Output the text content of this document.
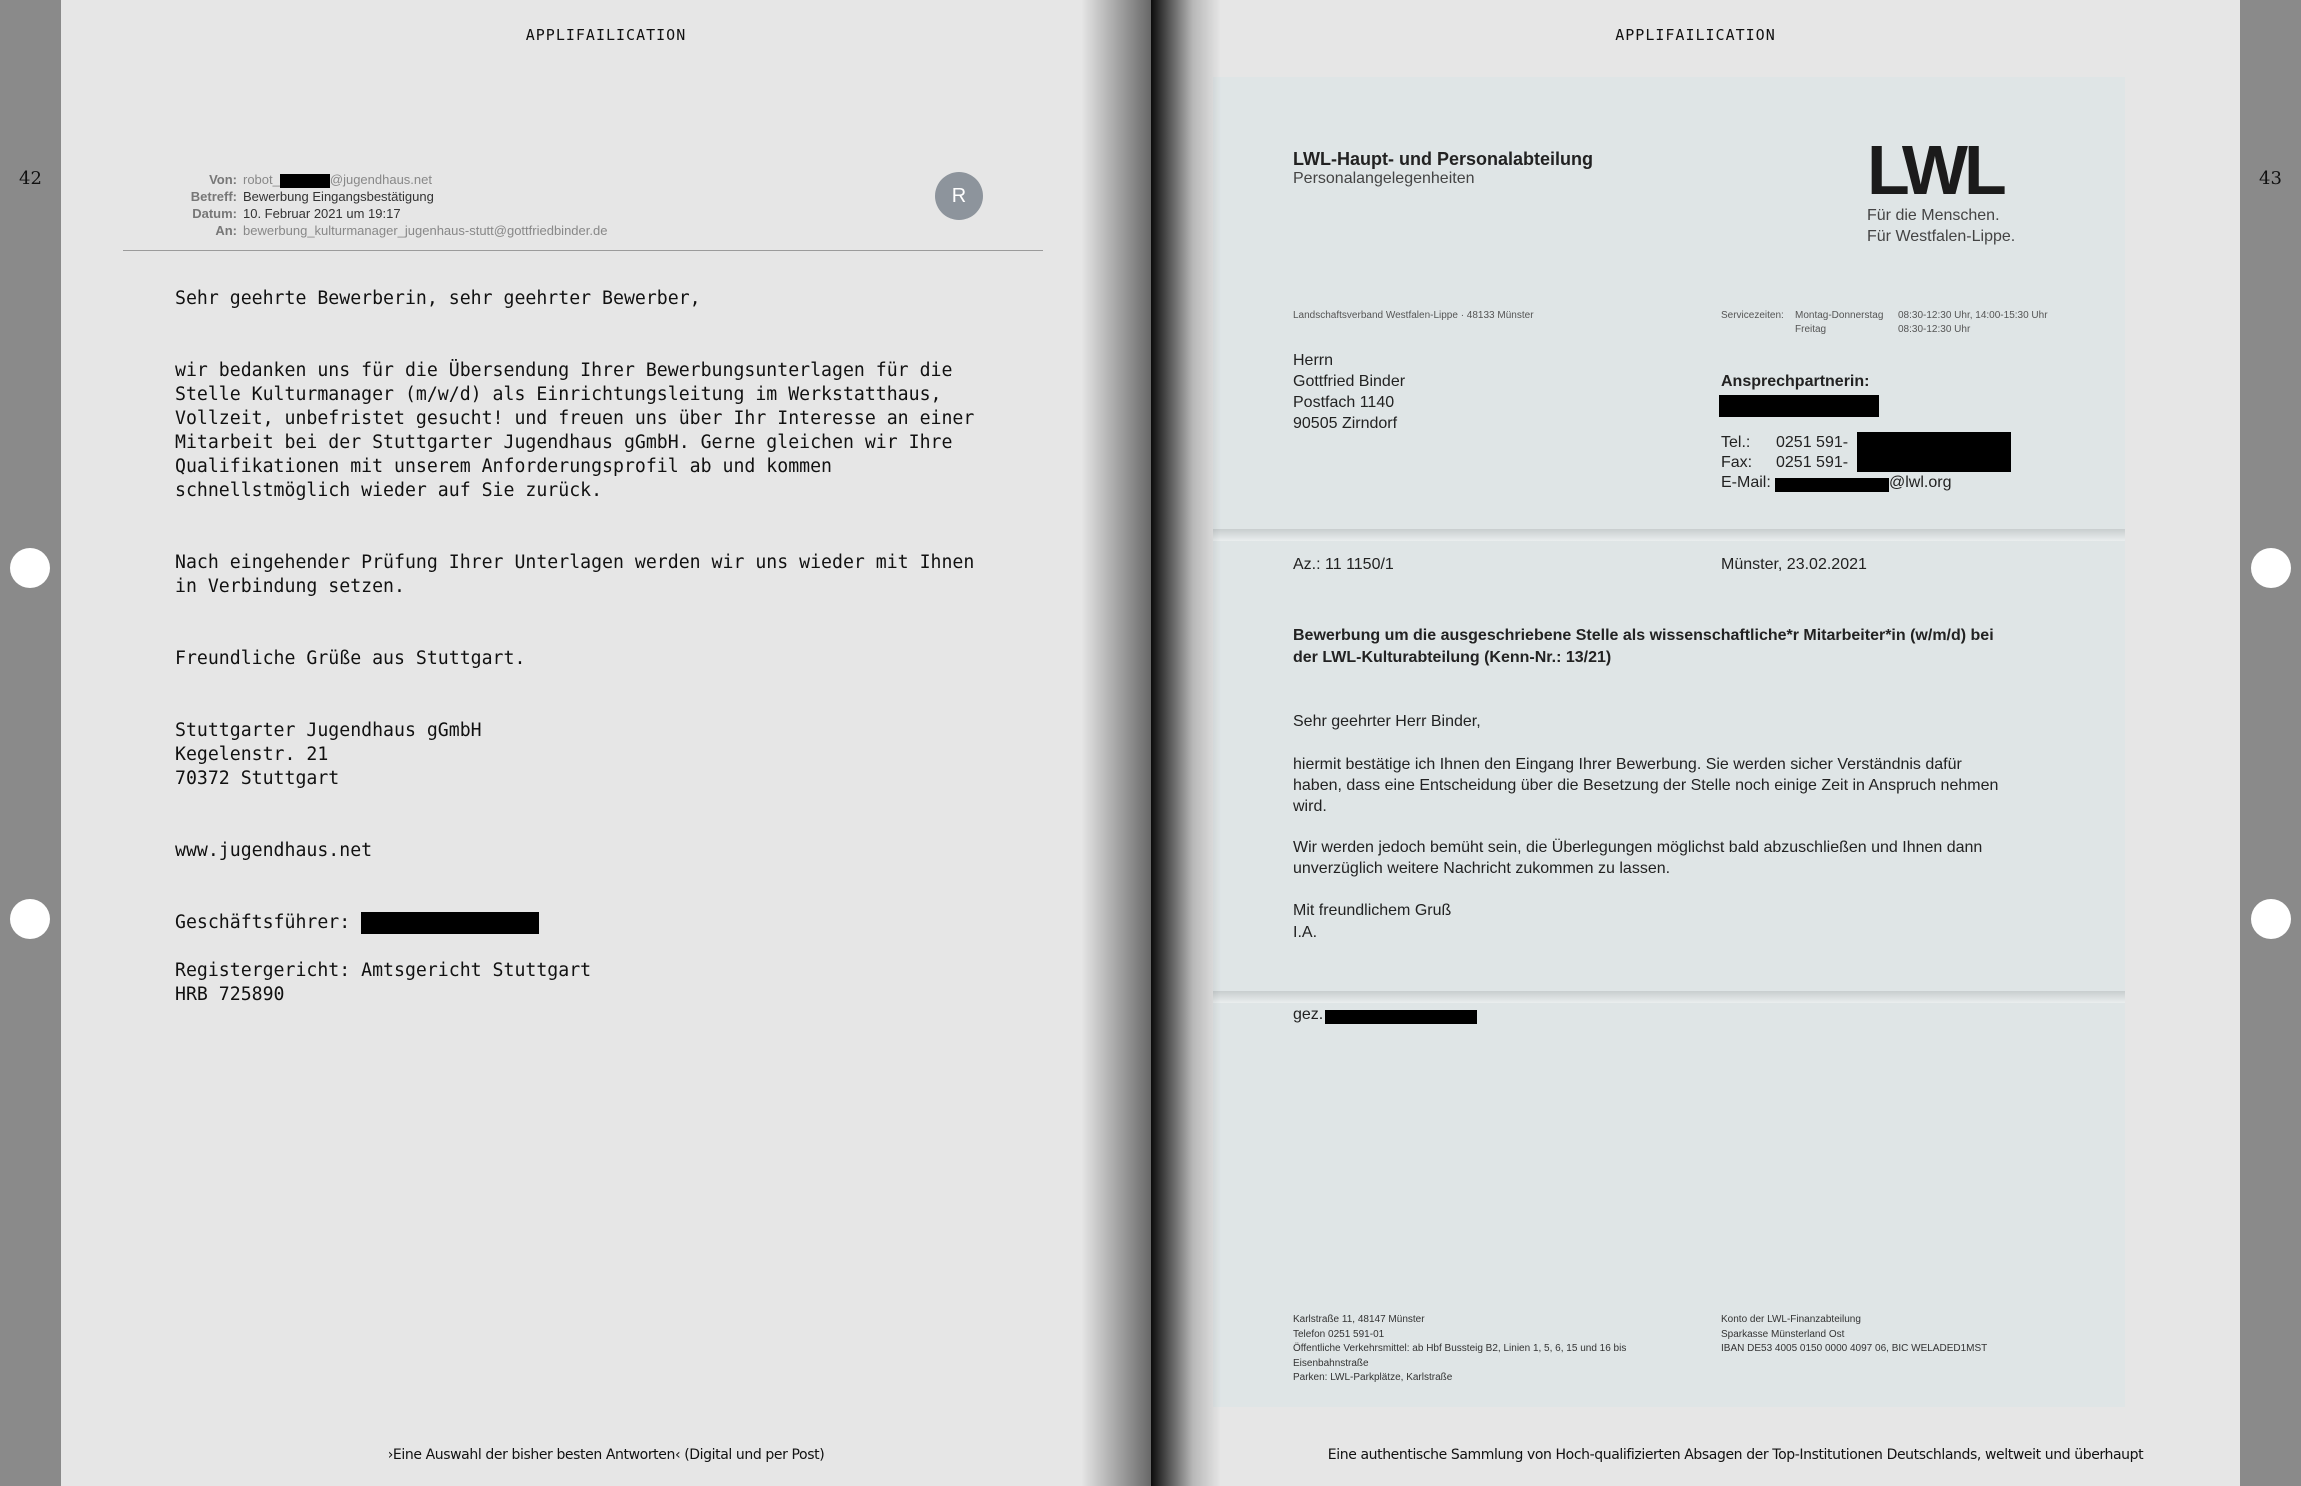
42	43
APPLIFAILICATION
Von: robot_	@jugendhaus.net
Betreff: Bewerbung Eingangsbestätigung
Datum: 10. Februar 2021 um 19:17
An: bewerbung_kulturmanager_jugenhaus-stutt@gottfriedbinder.de
R

Sehr geehrte Bewerberin, sehr geehrter Bewerber,

wir bedanken uns für die Übersendung Ihrer Bewerbungsunterlagen für die
Stelle Kulturmanager (m/w/d) als Einrichtungsleitung im Werkstatthaus,
Vollzeit, unbefristet gesucht! und freuen uns über Ihr Interesse an einer
Mitarbeit bei der Stuttgarter Jugendhaus gGmbH. Gerne gleichen wir Ihre
Qualifikationen mit unserem Anforderungsprofil ab und kommen
schnellstmöglich wieder auf Sie zurück.

Nach eingehender Prüfung Ihrer Unterlagen werden wir uns wieder mit Ihnen
in Verbindung setzen.

Freundliche Grüße aus Stuttgart.

Stuttgarter Jugendhaus gGmbH
Kegelenstr. 21
70372 Stuttgart

www.jugendhaus.net

Geschäftsführer:

Registergericht: Amtsgericht Stuttgart
HRB 725890

›Eine Auswahl der bisher besten Antworten‹ (Digital und per Post)
APPLIFAILICATION
LWL-Haupt- und Personalabteilung
Personalangelegenheiten	LWL
Für die Menschen.
Für Westfalen-Lippe.
Landschaftsverband Westfalen-Lippe · 48133 Münster	Servicezeiten: Montag-Donnerstag 08:30-12:30 Uhr, 14:00-15:30 Uhr
Freitag	08:30-12:30 Uhr
Herrn
Gottfried Binder
Postfach 1140
90505 Zirndorf
Ansprechpartnerin:
Tel.: 0251 591-
Fax: 0251 591-
E-Mail:	@lwl.org
Az.: 11 1150/1	Münster, 23.02.2021
Bewerbung um die ausgeschriebene Stelle als wissenschaftliche*r Mitarbeiter*in (w/m/d) bei
der LWL-Kulturabteilung (Kenn-Nr.: 13/21)
Sehr geehrter Herr Binder,
hiermit bestätige ich Ihnen den Eingang Ihrer Bewerbung. Sie werden sicher Verständnis dafür
haben, dass eine Entscheidung über die Besetzung der Stelle noch einige Zeit in Anspruch nehmen
wird.
Wir werden jedoch bemüht sein, die Überlegungen möglichst bald abzuschließen und Ihnen dann
unverzüglich weitere Nachricht zukommen zu lassen.
Mit freundlichem Gruß
I.A.
gez.
Karlstraße 11, 48147 Münster
Telefon 0251 591-01
Öffentliche Verkehrsmittel: ab Hbf Bussteig B2, Linien 1, 5, 6, 15 und 16 bis
Eisenbahnstraße
Parken: LWL-Parkplätze, Karlstraße
Konto der LWL-Finanzabteilung
Sparkasse Münsterland Ost
IBAN DE53 4005 0150 0000 4097 06, BIC WELADED1MST
Eine authentische Sammlung von Hoch-qualifizierten Absagen der Top-Institutionen Deutschlands, weltweit und überhaupt
